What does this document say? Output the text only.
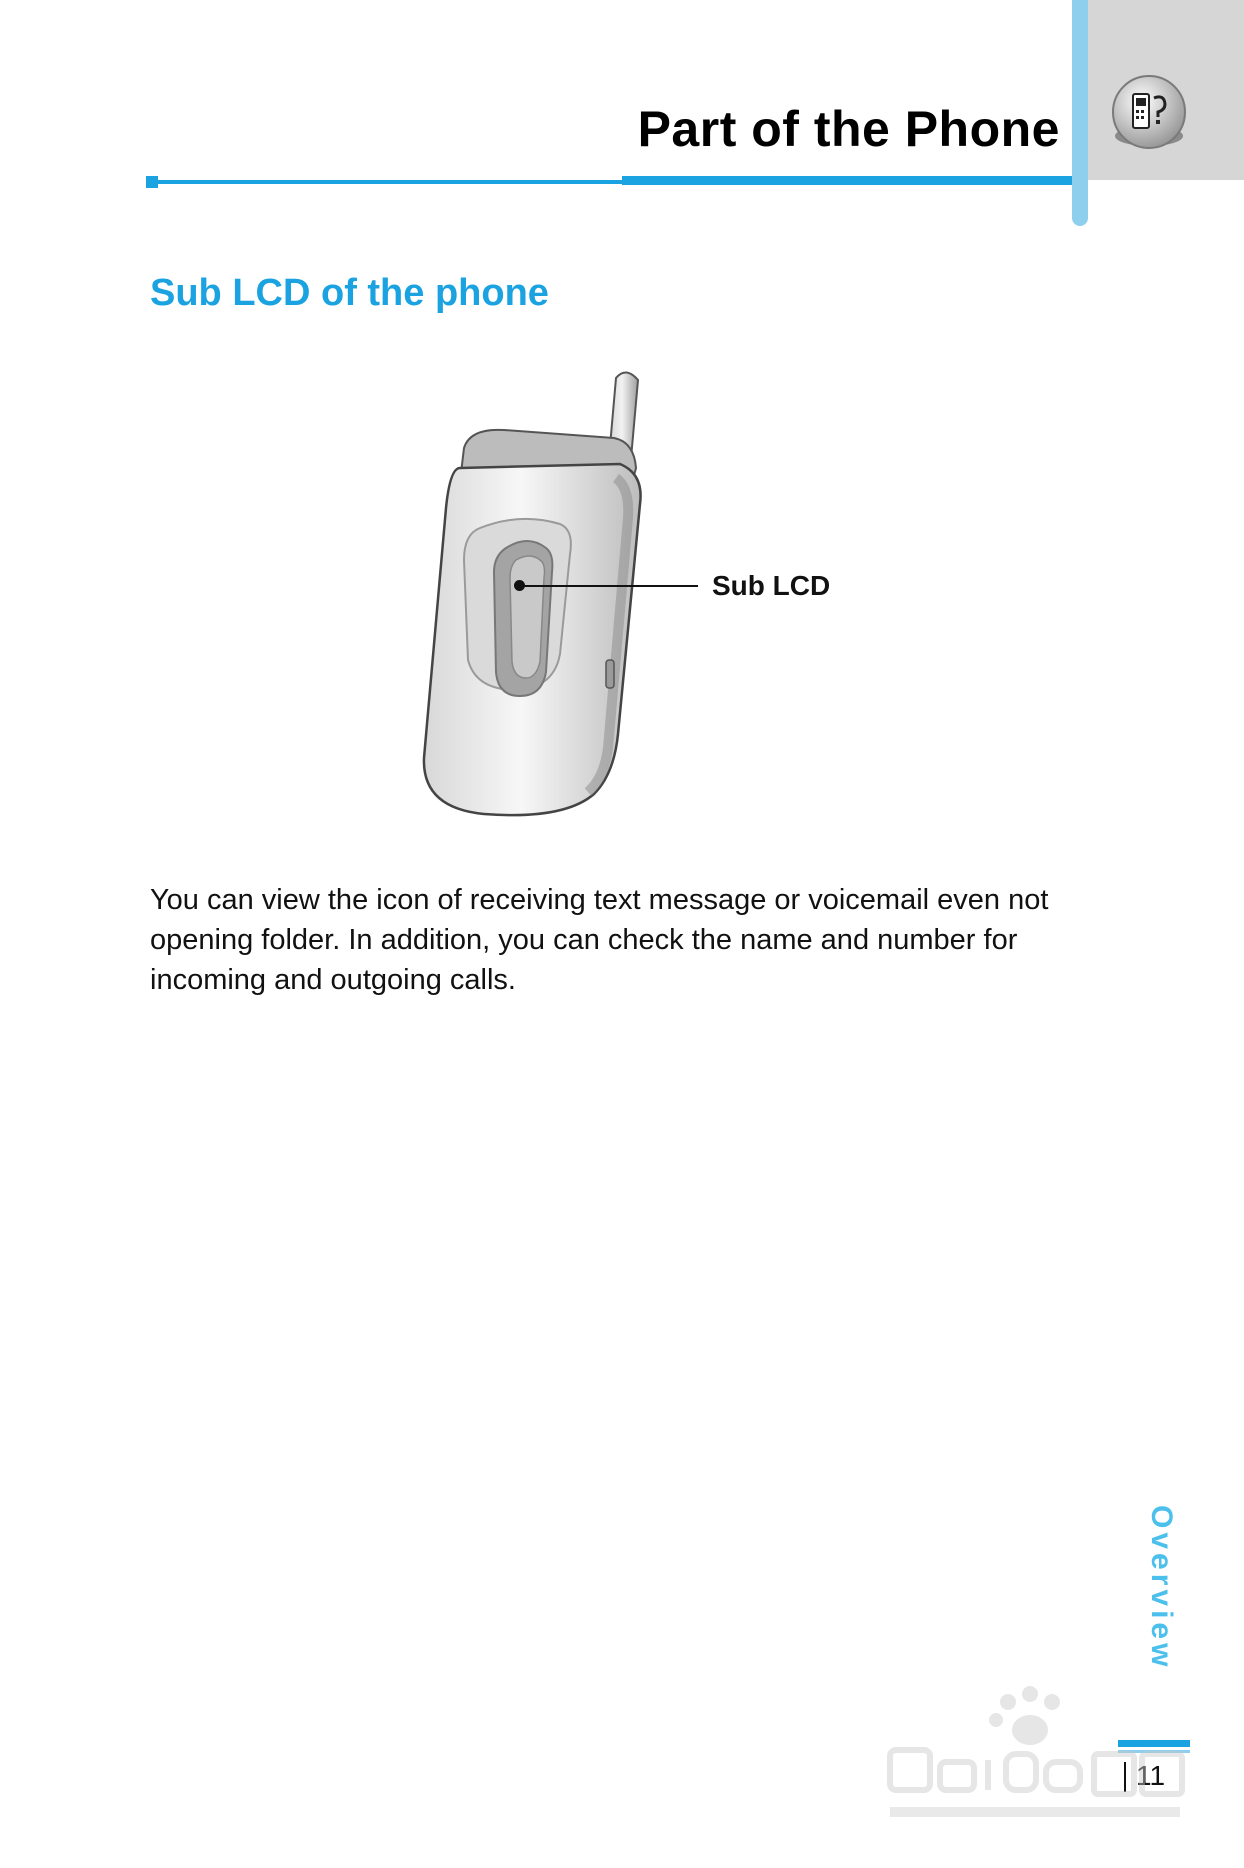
Part of the Phone
Sub LCD of the phone
Sub LCD

You can view the icon of receiving text message or voicemail even not opening folder. In addition, you can check the name and number for incoming and outgoing calls.

Overview
11
